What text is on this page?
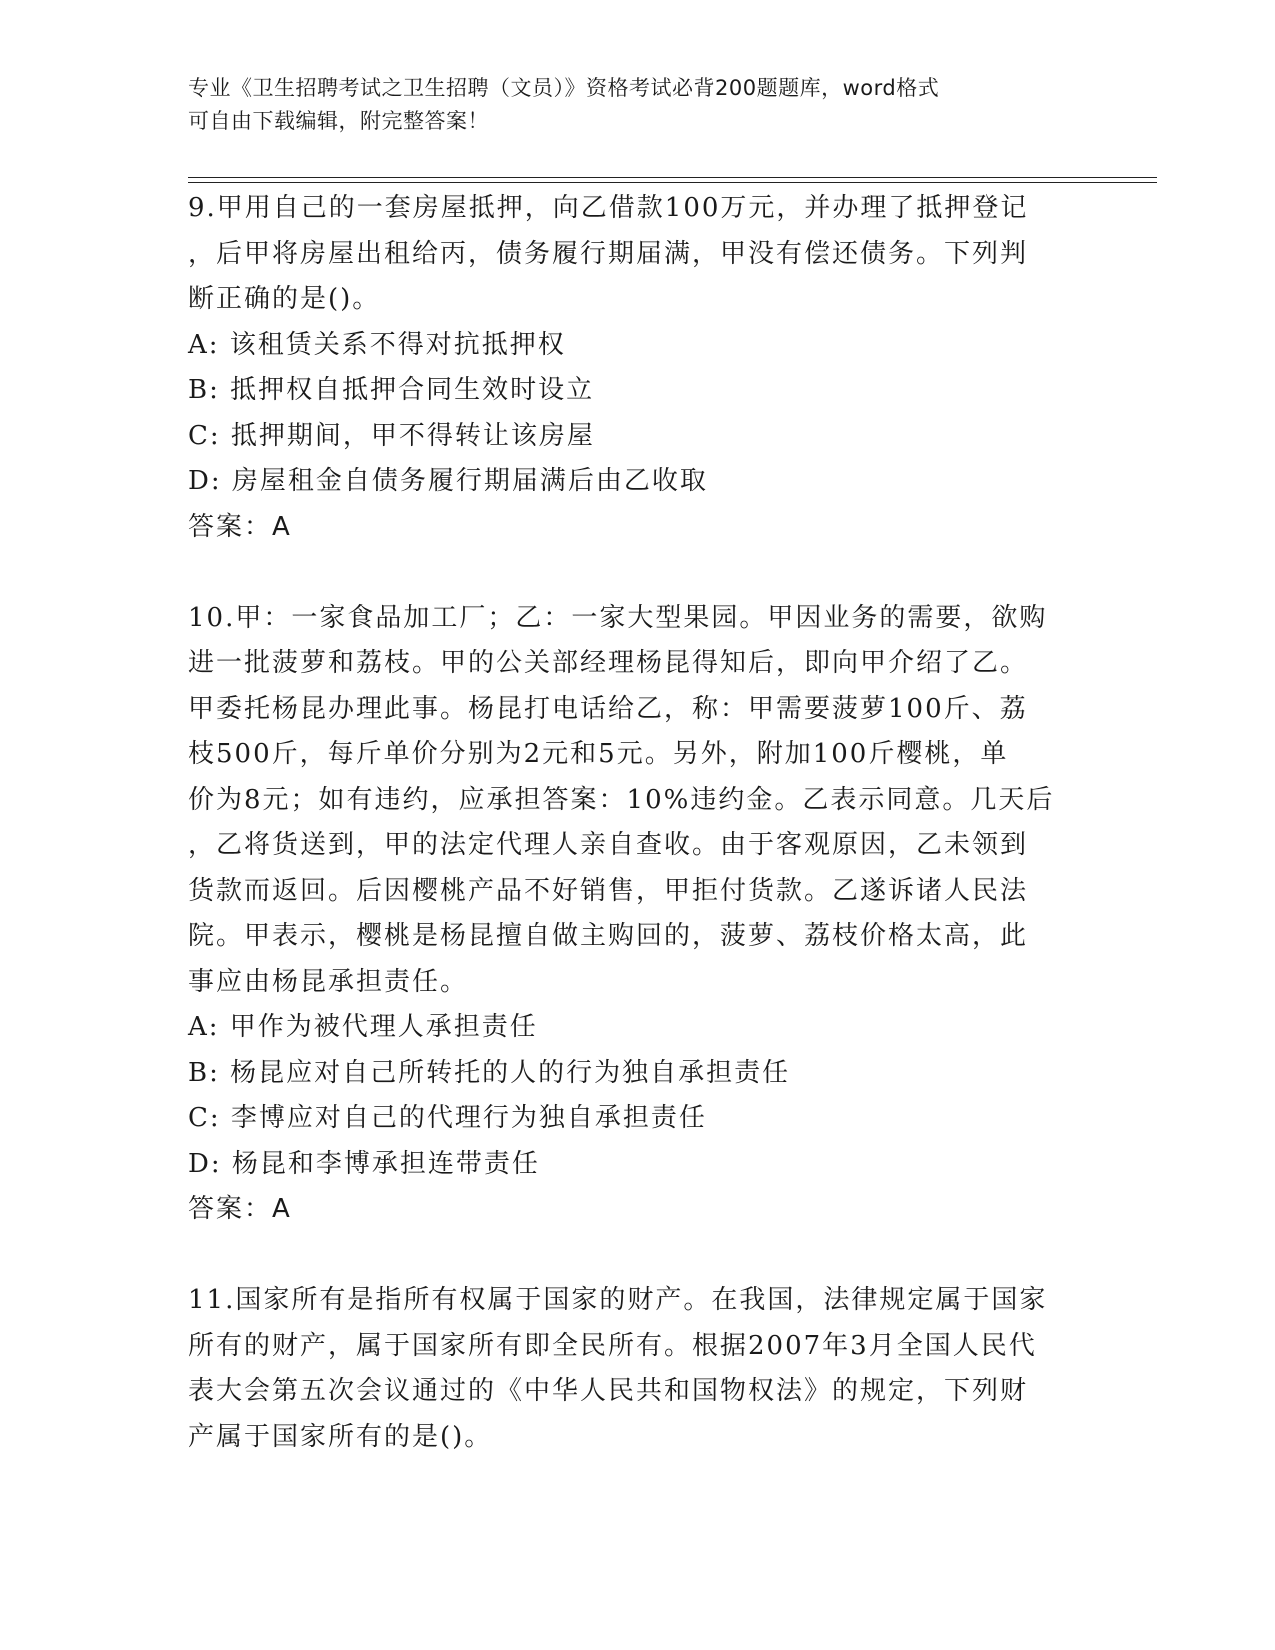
专业《卫生招聘考试之卫生招聘（文员）》资格考试必背200题题库，word格式
可自由下载编辑，附完整答案！

9.甲用自己的一套房屋抵押，向乙借款100万元，并办理了抵押登记

，后甲将房屋出租给丙，债务履行期届满，甲没有偿还债务。下列判

断正确的是()。

A: 该租赁关系不得对抗抵押权

B: 抵押权自抵押合同生效时设立

C: 抵押期间，甲不得转让该房屋

D: 房屋租金自债务履行期届满后由乙收取

答案：A

10.甲：一家食品加工厂；乙：一家大型果园。甲因业务的需要，欲购

进一批菠萝和荔枝。甲的公关部经理杨昆得知后，即向甲介绍了乙。

甲委托杨昆办理此事。杨昆打电话给乙，称：甲需要菠萝100斤、荔

枝500斤，每斤单价分别为2元和5元。另外，附加100斤樱桃，单

价为8元；如有违约，应承担答案：10%违约金。乙表示同意。几天后

，乙将货送到，甲的法定代理人亲自查收。由于客观原因，乙未领到

货款而返回。后因樱桃产品不好销售，甲拒付货款。乙遂诉诸人民法

院。甲表示，樱桃是杨昆擅自做主购回的，菠萝、荔枝价格太高，此

事应由杨昆承担责任。

A: 甲作为被代理人承担责任

B: 杨昆应对自己所转托的人的行为独自承担责任

C: 李博应对自己的代理行为独自承担责任

D: 杨昆和李博承担连带责任

答案：A

11.国家所有是指所有权属于国家的财产。在我国，法律规定属于国家

所有的财产，属于国家所有即全民所有。根据2007年3月全国人民代

表大会第五次会议通过的《中华人民共和国物权法》的规定，下列财

产属于国家所有的是()。
